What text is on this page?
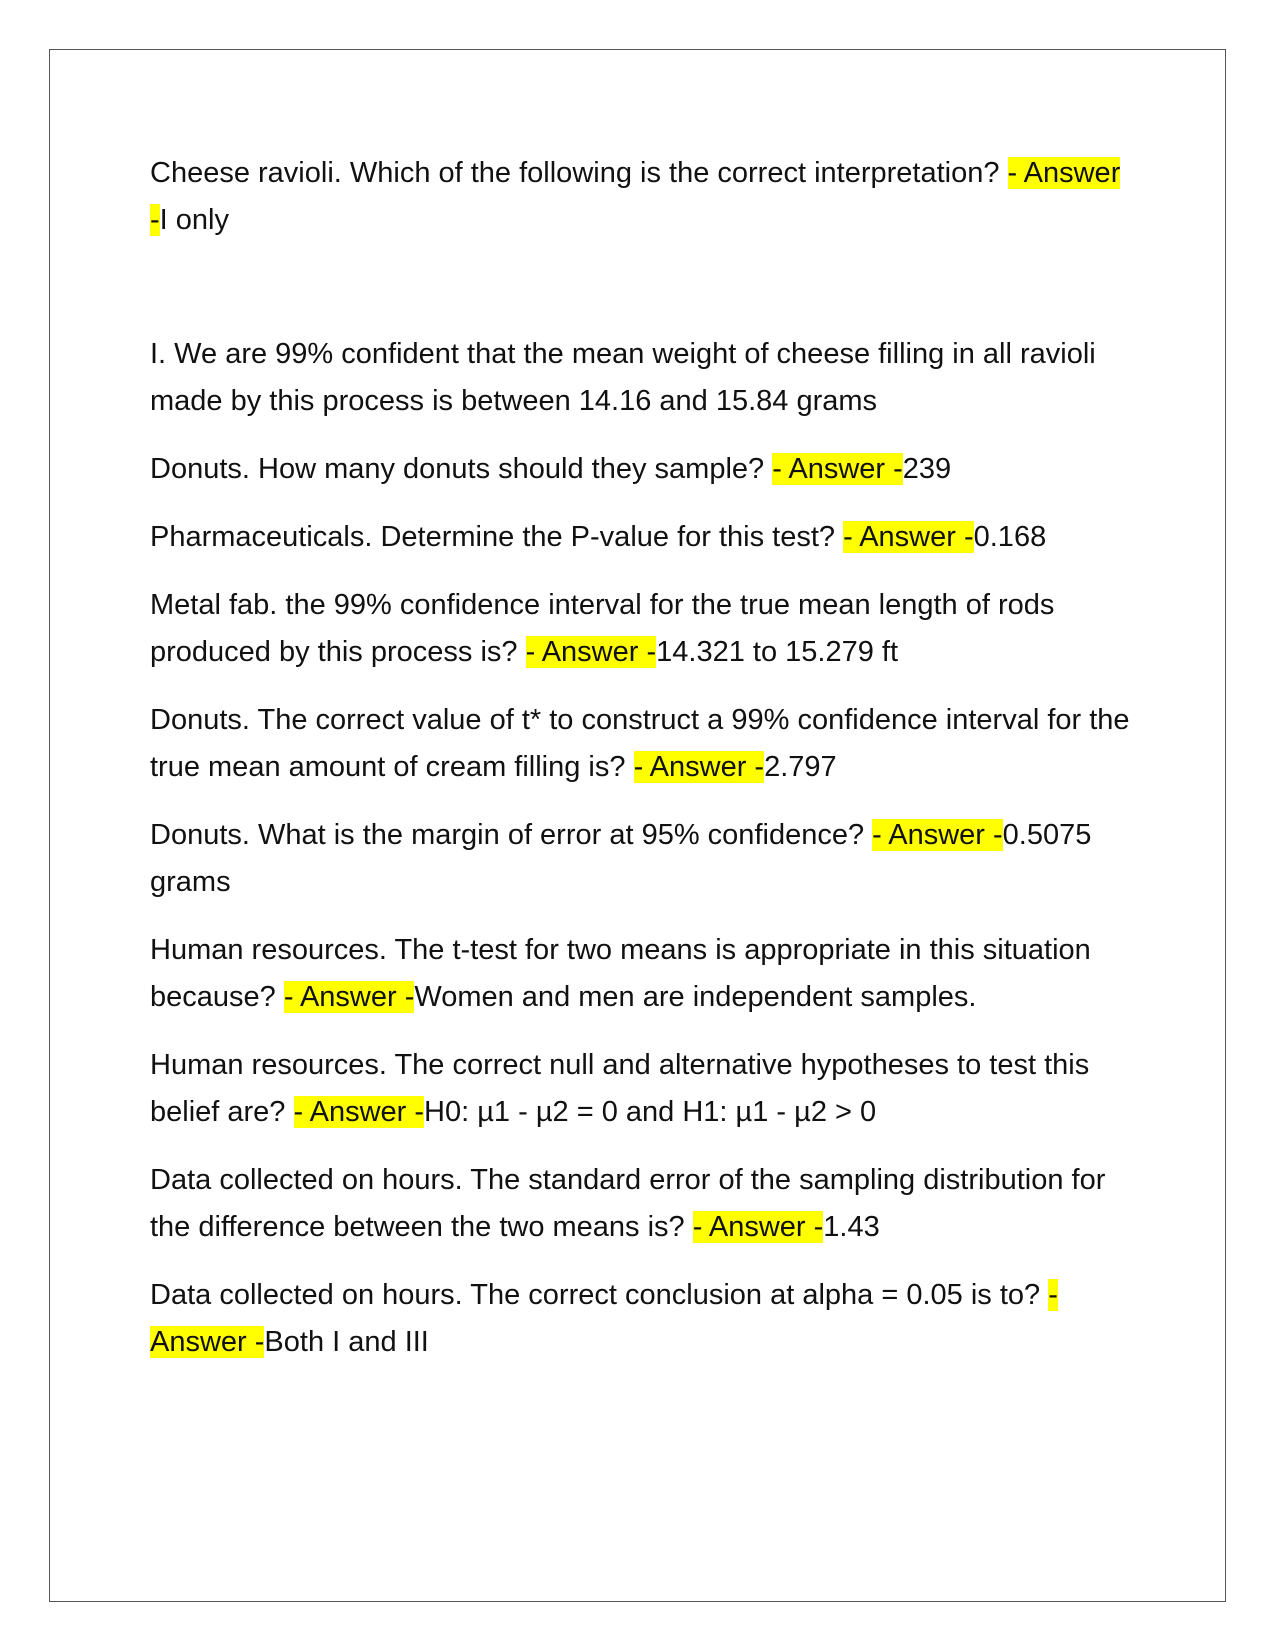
Cheese ravioli. Which of the following is the correct interpretation? - Answer -I only

I. We are 99% confident that the mean weight of cheese filling in all ravioli made by this process is between 14.16 and 15.84 grams

Donuts. How many donuts should they sample? - Answer -239

Pharmaceuticals. Determine the P-value for this test? - Answer -0.168

Metal fab. the 99% confidence interval for the true mean length of rods produced by this process is? - Answer -14.321 to 15.279 ft

Donuts. The correct value of t* to construct a 99% confidence interval for the true mean amount of cream filling is? - Answer -2.797

Donuts. What is the margin of error at 95% confidence? - Answer -0.5075 grams

Human resources. The t-test for two means is appropriate in this situation because? - Answer -Women and men are independent samples.

Human resources. The correct null and alternative hypotheses to test this belief are? - Answer -H0: µ1 - µ2 = 0 and H1: µ1 - µ2 > 0

Data collected on hours. The standard error of the sampling distribution for the difference between the two means is? - Answer -1.43

Data collected on hours. The correct conclusion at alpha = 0.05 is to? - Answer -Both I and III
